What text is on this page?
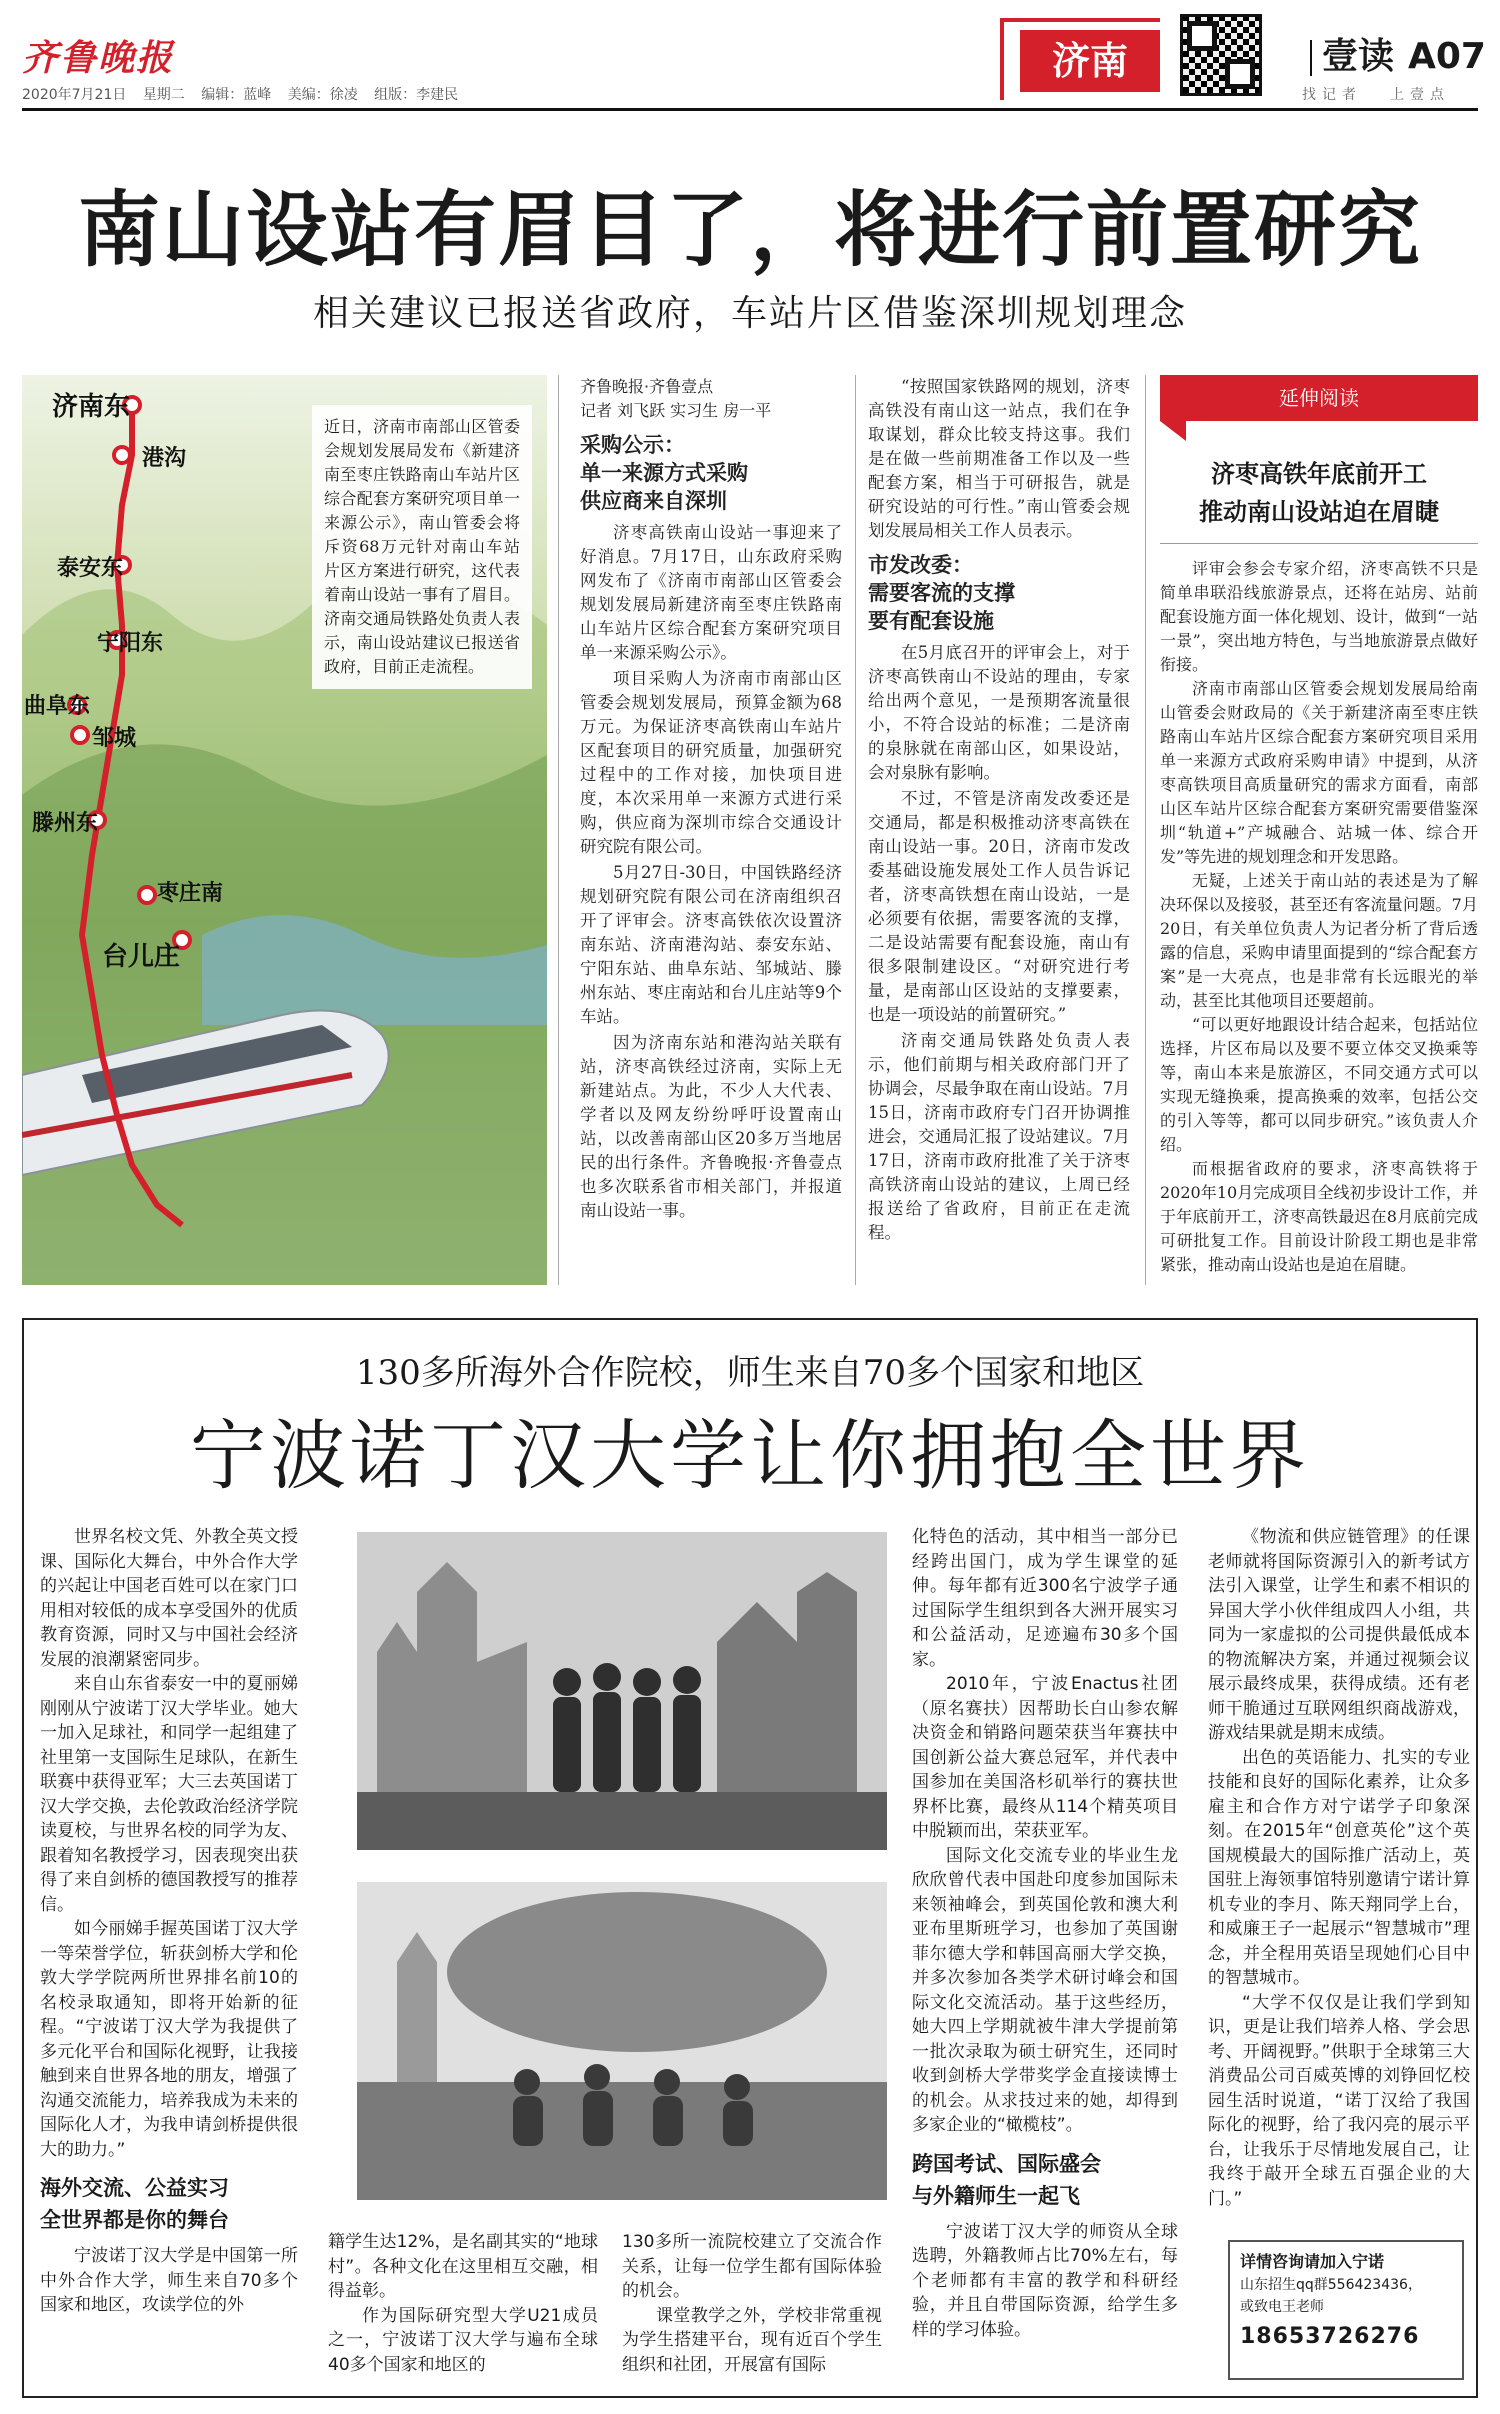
齐鲁晚报
2020年7月21日 星期二 编辑：蓝峰 美编：徐凌 组版：李建民
济南	壹读 A07
找记者 上壹点
南山设站有眉目了，将进行前置研究
相关建议已报送省政府，车站片区借鉴深圳规划理念
济南东
港沟
泰安东
宁阳东
曲阜东
邹城
滕州东
枣庄南
台儿庄
近日，济南市南部山区管委会规划发展局发布《新建济南至枣庄铁路南山车站片区综合配套方案研究项目单一来源公示》，南山管委会将斥资68万元针对南山车站片区方案进行研究，这代表着南山设站一事有了眉目。济南交通局铁路处负责人表示，南山设站建议已报送省政府，目前正走流程。
齐鲁晚报·齐鲁壹点
记者 刘飞跃 实习生 房一平
采购公示：
单一来源方式采购
供应商来自深圳

济枣高铁南山设站一事迎来了好消息。7月17日，山东政府采购网发布了《济南市南部山区管委会规划发展局新建济南至枣庄铁路南山车站片区综合配套方案研究项目单一来源采购公示》。

项目采购人为济南市南部山区管委会规划发展局，预算金额为68万元。为保证济枣高铁南山车站片区配套项目的研究质量，加强研究过程中的工作对接，加快项目进度，本次采用单一来源方式进行采购，供应商为深圳市综合交通设计研究院有限公司。

5月27日-30日，中国铁路经济规划研究院有限公司在济南组织召开了评审会。济枣高铁依次设置济南东站、济南港沟站、泰安东站、宁阳东站、曲阜东站、邹城站、滕州东站、枣庄南站和台儿庄站等9个车站。

因为济南东站和港沟站关联有站，济枣高铁经过济南，实际上无新建站点。为此，不少人大代表、学者以及网友纷纷呼吁设置南山站，以改善南部山区20多万当地居民的出行条件。齐鲁晚报·齐鲁壹点也多次联系省市相关部门，并报道南山设站一事。

“按照国家铁路网的规划，济枣高铁没有南山这一站点，我们在争取谋划，群众比较支持这事。我们是在做一些前期准备工作以及一些配套方案，相当于可研报告，就是研究设站的可行性。”南山管委会规划发展局相关工作人员表示。

市发改委：
需要客流的支撑
要有配套设施

在5月底召开的评审会上，对于济枣高铁南山不设站的理由，专家给出两个意见，一是预期客流量很小，不符合设站的标准；二是济南的泉脉就在南部山区，如果设站，会对泉脉有影响。

不过，不管是济南发改委还是交通局，都是积极推动济枣高铁在南山设站一事。20日，济南市发改委基础设施发展处工作人员告诉记者，济枣高铁想在南山设站，一是必须要有依据，需要客流的支撑，二是设站需要有配套设施，南山有很多限制建设区。“对研究进行考量，是南部山区设站的支撑要素，也是一项设站的前置研究。”

济南交通局铁路处负责人表示，他们前期与相关政府部门开了协调会，尽最争取在南山设站。7月15日，济南市政府专门召开协调推进会，交通局汇报了设站建议。7月17日，济南市政府批准了关于济枣高铁济南山设站的建议，上周已经报送给了省政府，目前正在走流程。

延伸阅读
济枣高铁年底前开工
推动南山设站迫在眉睫

评审会参会专家介绍，济枣高铁不只是简单串联沿线旅游景点，还将在站房、站前配套设施方面一体化规划、设计，做到“一站一景”，突出地方特色，与当地旅游景点做好衔接。

济南市南部山区管委会规划发展局给南山管委会财政局的《关于新建济南至枣庄铁路南山车站片区综合配套方案研究项目采用单一来源方式政府采购申请》中提到，从济枣高铁项目高质量研究的需求方面看，南部山区车站片区综合配套方案研究需要借鉴深圳“轨道+”产城融合、站城一体、综合开发”等先进的规划理念和开发思路。

无疑，上述关于南山站的表述是为了解决环保以及接驳，甚至还有客流量问题。7月20日，有关单位负责人为记者分析了背后透露的信息，采购申请里面提到的“综合配套方案”是一大亮点，也是非常有长远眼光的举动，甚至比其他项目还要超前。

“可以更好地跟设计结合起来，包括站位选择，片区布局以及要不要立体交叉换乘等等，南山本来是旅游区，不同交通方式可以实现无缝换乘，提高换乘的效率，包括公交的引入等等，都可以同步研究。”该负责人介绍。

而根据省政府的要求，济枣高铁将于2020年10月完成项目全线初步设计工作，并于年底前开工，济枣高铁最迟在8月底前完成可研批复工作。目前设计阶段工期也是非常紧张，推动南山设站也是迫在眉睫。

130多所海外合作院校，师生来自70多个国家和地区
宁波诺丁汉大学让你拥抱全世界

世界名校文凭、外教全英文授课、国际化大舞台，中外合作大学的兴起让中国老百姓可以在家门口用相对较低的成本享受国外的优质教育资源，同时又与中国社会经济发展的浪潮紧密同步。

来自山东省泰安一中的夏丽娣刚刚从宁波诺丁汉大学毕业。她大一加入足球社，和同学一起组建了社里第一支国际生足球队，在新生联赛中获得亚军；大三去英国诺丁汉大学交换，去伦敦政治经济学院读夏校，与世界名校的同学为友、跟着知名教授学习，因表现突出获得了来自剑桥的德国教授写的推荐信。

如今丽娣手握英国诺丁汉大学一等荣誉学位，斩获剑桥大学和伦敦大学学院两所世界排名前10的名校录取通知，即将开始新的征程。“宁波诺丁汉大学为我提供了多元化平台和国际化视野，让我接触到来自世界各地的朋友，增强了沟通交流能力，培养我成为未来的国际化人才，为我申请剑桥提供很大的助力。”

海外交流、公益实习
全世界都是你的舞台

宁波诺丁汉大学是中国第一所中外合作大学，师生来自70多个国家和地区，攻读学位的外

籍学生达12%，是名副其实的“地球村”。各种文化在这里相互交融，相得益彰。

作为国际研究型大学U21成员之一，宁波诺丁汉大学与遍布全球40多个国家和地区的

130多所一流院校建立了交流合作关系，让每一位学生都有国际体验的机会。

课堂教学之外，学校非常重视为学生搭建平台，现有近百个学生组织和社团，开展富有国际

化特色的活动，其中相当一部分已经跨出国门，成为学生课堂的延伸。每年都有近300名宁波学子通过国际学生组织到各大洲开展实习和公益活动，足迹遍布30多个国家。

2010年，宁波Enactus社团（原名赛扶）因帮助长白山参农解决资金和销路问题荣获当年赛扶中国创新公益大赛总冠军，并代表中国参加在美国洛杉矶举行的赛扶世界杯比赛，最终从114个精英项目中脱颖而出，荣获亚军。

国际文化交流专业的毕业生龙欣欣曾代表中国赴印度参加国际未来领袖峰会，到英国伦敦和澳大利亚布里斯班学习，也参加了英国谢菲尔德大学和韩国高丽大学交换，并多次参加各类学术研讨峰会和国际文化交流活动。基于这些经历，她大四上学期就被牛津大学提前第一批次录取为硕士研究生，还同时收到剑桥大学带奖学金直接读博士的机会。从求技过来的她，却得到多家企业的“橄榄枝”。

跨国考试、国际盛会
与外籍师生一起飞

宁波诺丁汉大学的师资从全球选聘，外籍教师占比70%左右，每个老师都有丰富的教学和科研经验，并且自带国际资源，给学生多样的学习体验。

《物流和供应链管理》的任课老师就将国际资源引入的新考试方法引入课堂，让学生和素不相识的异国大学小伙伴组成四人小组，共同为一家虚拟的公司提供最低成本的物流解决方案，并通过视频会议展示最终成果，获得成绩。还有老师干脆通过互联网组织商战游戏，游戏结果就是期末成绩。

出色的英语能力、扎实的专业技能和良好的国际化素养，让众多雇主和合作方对宁诺学子印象深刻。在2015年“创意英伦”这个英国规模最大的国际推广活动上，英国驻上海领事馆特别邀请宁诺计算机专业的李月、陈天翔同学上台，和威廉王子一起展示“智慧城市”理念，并全程用英语呈现她们心目中的智慧城市。

“大学不仅仅是让我们学到知识，更是让我们培养人格、学会思考、开阔视野。”供职于全球第三大消费品公司百威英博的刘铮回忆校园生活时说道，“诺丁汉给了我国际化的视野，给了我闪亮的展示平台，让我乐于尽情地发展自己，让我终于敲开全球五百强企业的大门。”

详情咨询请加入宁诺
山东招生qq群556423436，
或致电王老师
18653726276
